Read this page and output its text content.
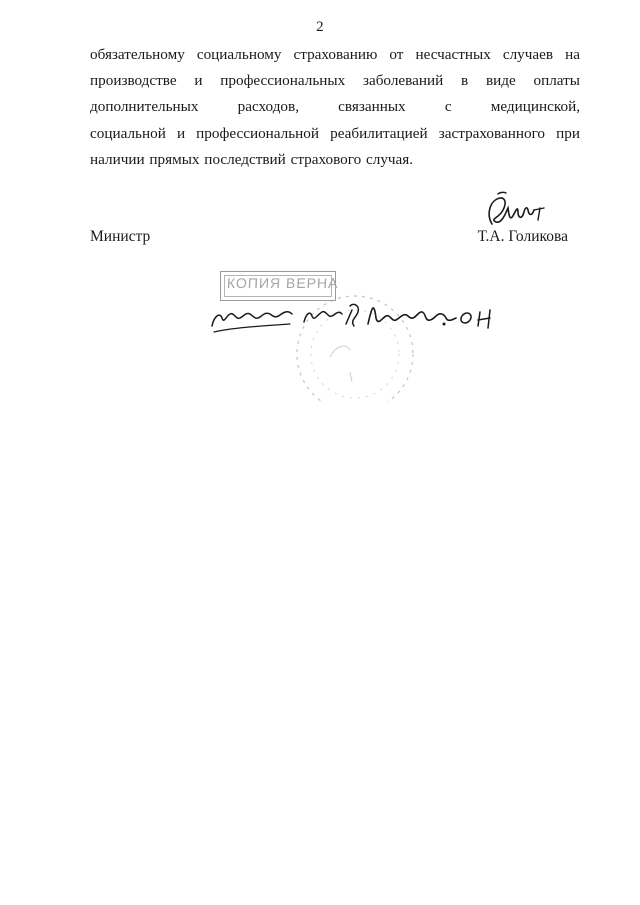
2
обязательному социальному страхованию от несчастных случаев на
производстве и профессиональных заболеваний в виде оплаты
дополнительных расходов, связанных с медицинской,
социальной и профессиональной реабилитацией застрахованного при
наличии прямых последствий страхового случая.
Министр	Т.А. Голикова
КОПИЯ ВЕРНА
